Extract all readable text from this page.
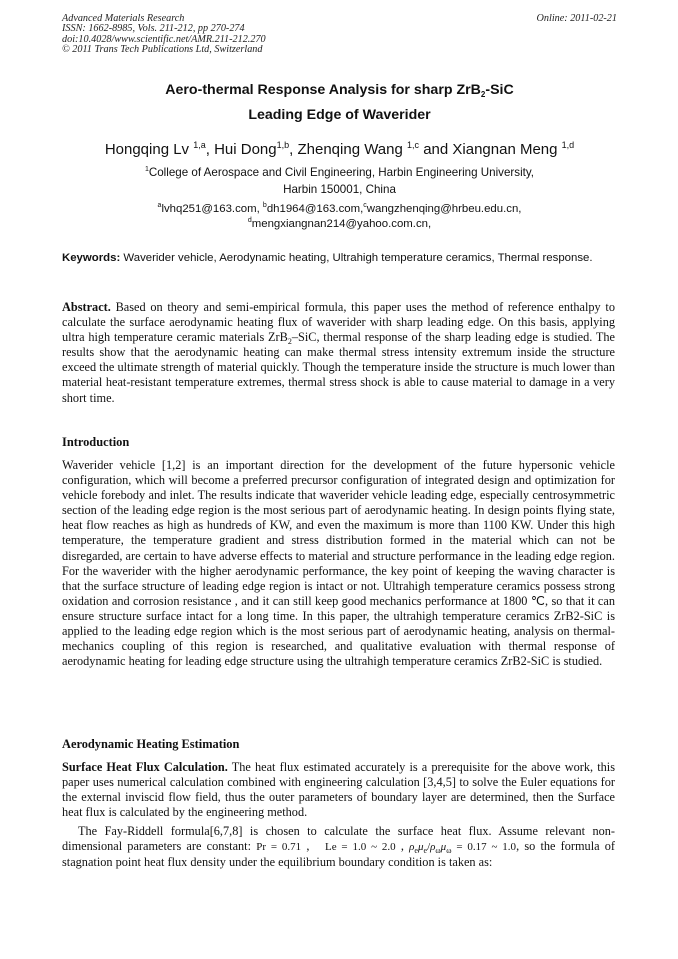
Advanced Materials Research
ISSN: 1662-8985, Vols. 211-212, pp 270-274
doi:10.4028/www.scientific.net/AMR.211-212.270
© 2011 Trans Tech Publications Ltd, Switzerland
Online: 2011-02-21
Aero-thermal Response Analysis for sharp ZrB$_2$-SiC
Leading Edge of Waverider
Hongqing Lv $^{1,a}$, Hui Dong$^{1,b}$, Zhenqing Wang $^{1,c}$ and Xiangnan Meng $^{1,d}$
$^1$College of Aerospace and Civil Engineering, Harbin Engineering University,
Harbin 150001, China
$^a$lvhq251@163.com, $^b$dh1964@163.com,$^c$wangzhenqing@hrbeu.edu.cn,
$^d$mengxiangnan214@yahoo.com.cn,
Keywords: Waverider vehicle, Aerodynamic heating, Ultrahigh temperature ceramics, Thermal response.
Abstract. Based on theory and semi-empirical formula, this paper uses the method of reference enthalpy to calculate the surface aerodynamic heating flux of waverider with sharp leading edge. On this basis, applying ultra high temperature ceramic materials ZrB$_2$–SiC, thermal response of the sharp leading edge is studied. The results show that the aerodynamic heating can make thermal stress intensity extremum inside the structure exceed the ultimate strength of material quickly. Though the temperature inside the structure is much lower than material heat-resistant temperature extremes, thermal stress shock is able to cause material to damage in a very short time.
Introduction
Waverider vehicle [1,2] is an important direction for the development of the future hypersonic vehicle configuration, which will become a preferred precursor configuration of integrated design and optimization for vehicle forebody and inlet. The results indicate that waverider vehicle leading edge, especially centrosymmetric section of the leading edge region is the most serious part of aerodynamic heating. In design points flying state, heat flow reaches as high as hundreds of KW, and even the maximum is more than 1100 KW. Under this high temperature, the temperature gradient and stress distribution formed in the material which can not be disregarded, are certain to have adverse effects to material and structure performance in the leading edge region. For the waverider with the higher aerodynamic performance, the key point of keeping the waving character is that the surface structure of leading edge region is intact or not. Ultrahigh temperature ceramics possess strong oxidation and corrosion resistance , and it can still keep good mechanics performance at 1800 ℃, so that it can ensure structure surface intact for a long time. In this paper, the ultrahigh temperature ceramics ZrB2-SiC is applied to the leading edge region which is the most serious part of aerodynamic heating, analysis on thermal-mechanics coupling of this region is researched, and qualitative evaluation with thermal response of aerodynamic heating for leading edge structure using the ultrahigh temperature ceramics ZrB2-SiC is studied.
Aerodynamic Heating Estimation
Surface Heat Flux Calculation. The heat flux estimated accurately is a prerequisite for the above work, this paper uses numerical calculation combined with engineering calculation [3,4,5] to solve the Euler equations for the external inviscid flow field, thus the outer parameters of boundary layer are determined, then the Surface heat flux is calculated by the engineering method.
The Fay-Riddell formula[6,7,8] is chosen to calculate the surface heat flux. Assume relevant non-dimensional parameters are constant: Pr = 0.71 ,   Le = 1.0 ~ 2.0 , $\rho_e\mu_e/\rho_\omega\mu_\omega = 0.17$ ~ 1.0, so the formula of stagnation point heat flux density under the equilibrium boundary condition is taken as:
